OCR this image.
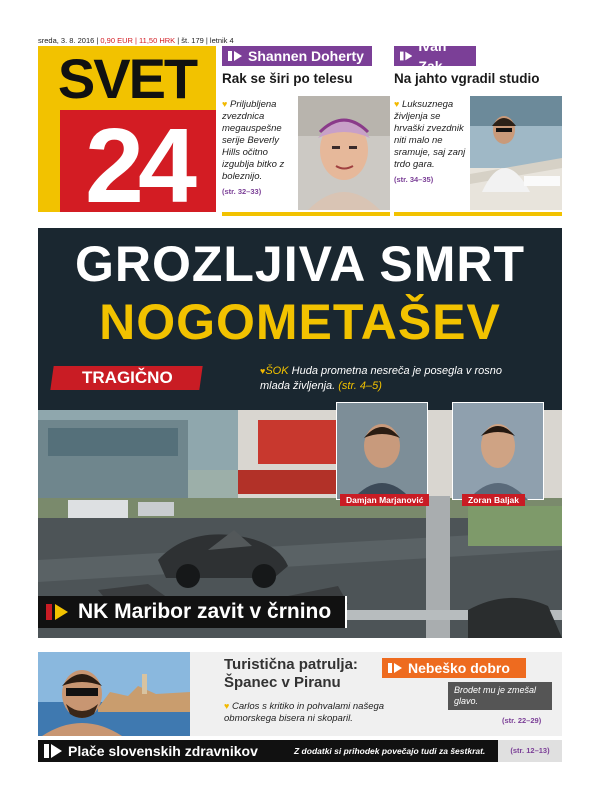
sreda, 3. 8. 2016 | 0,90 EUR | 11,50 HRK | št. 179 | letnik 4
SVET
24
Shannen Doherty
Rak se širi po telesu
♥ Priljubljena zvezdnica megauspešne serije Beverly Hills očitno izgublja bitko z boleznijo.
(str. 32–33)
Ivan Zak
Na jahto vgradil studio
♥ Luksuznega življenja se hrvaški zvezdnik niti malo ne sramuje, saj zanj trdo gara.
(str. 34–35)
Damjan Marjanović	Zoran Baljak
GROZLJIVA SMRT
NOGOMETAŠEV
TRAGIČNO	♥ŠOK Huda prometna nesreča je posegla v rosno mlada življenja. (str. 4–5)
NK Maribor zavit v črnino
Turistična patrulja: Španec v Piranu
♥ Carlos s kritiko in pohvalami našega obmorskega bisera ni skoparil.
Nebeško dobro
Brodet mu je zmešal glavo.
(str. 22–29)
Plače slovenskih zdravnikov	Z dodatki si prihodek povečajo tudi za šestkrat.	(str. 12–13)
